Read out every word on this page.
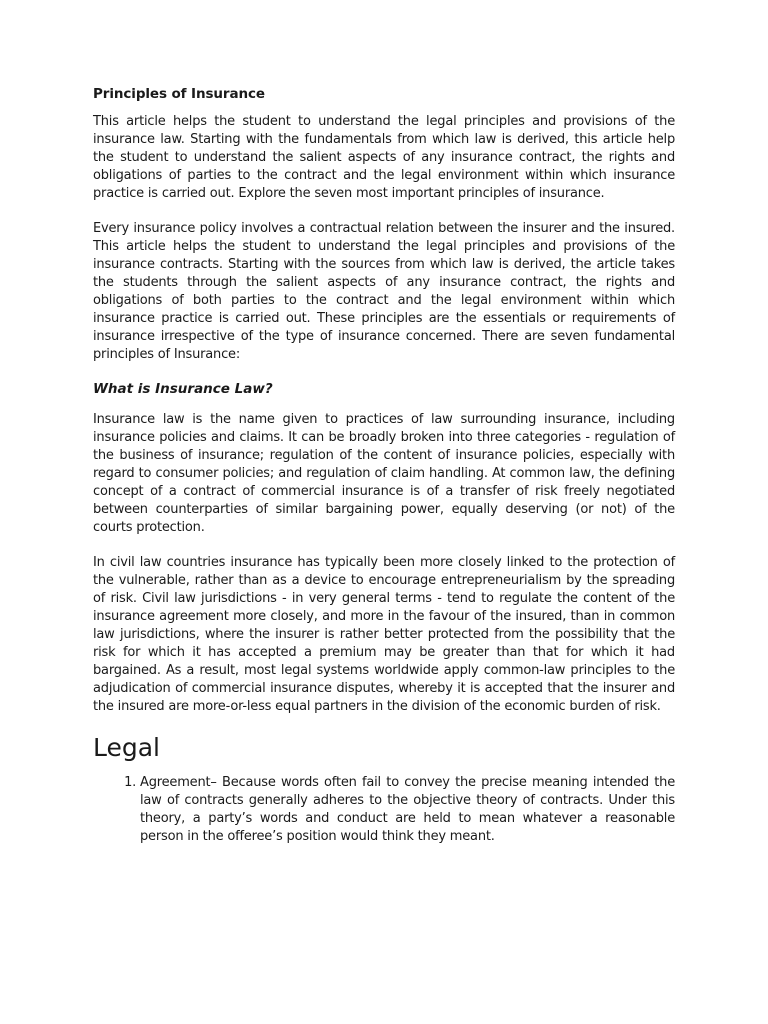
Principles of Insurance

This article helps the student to understand the legal principles and provisions of the insurance law. Starting with the fundamentals from which law is derived, this article help the student to understand the salient aspects of any insurance contract, the rights and obligations of parties to the contract and the legal environment within which insurance practice is carried out. Explore the seven most important principles of insurance.

Every insurance policy involves a contractual relation between the insurer and the insured. This article helps the student to understand the legal principles and provisions of the insurance contracts. Starting with the sources from which law is derived, the article takes the students through the salient aspects of any insurance contract, the rights and obligations of both parties to the contract and the legal environment within which insurance practice is carried out. These principles are the essentials or requirements of insurance irrespective of the type of insurance concerned. There are seven fundamental principles of Insurance:

What is Insurance Law?

Insurance law is the name given to practices of law surrounding insurance, including insurance policies and claims. It can be broadly broken into three categories - regulation of the business of insurance; regulation of the content of insurance policies, especially with regard to consumer policies; and regulation of claim handling. At common law, the defining concept of a contract of commercial insurance is of a transfer of risk freely negotiated between counterparties of similar bargaining power, equally deserving (or not) of the courts protection.

In civil law countries insurance has typically been more closely linked to the protection of the vulnerable, rather than as a device to encourage entrepreneurialism by the spreading of risk. Civil law jurisdictions - in very general terms - tend to regulate the content of the insurance agreement more closely, and more in the favour of the insured, than in common law jurisdictions, where the insurer is rather better protected from the possibility that the risk for which it has accepted a premium may be greater than that for which it had bargained. As a result, most legal systems worldwide apply common-law principles to the adjudication of commercial insurance disputes, whereby it is accepted that the insurer and the insured are more-or-less equal partners in the division of the economic burden of risk.

Legal
1. Agreement– Because words often fail to convey the precise meaning intended the law of contracts generally adheres to the objective theory of contracts. Under this theory, a party’s words and conduct are held to mean whatever a reasonable person in the offeree’s position would think they meant.
